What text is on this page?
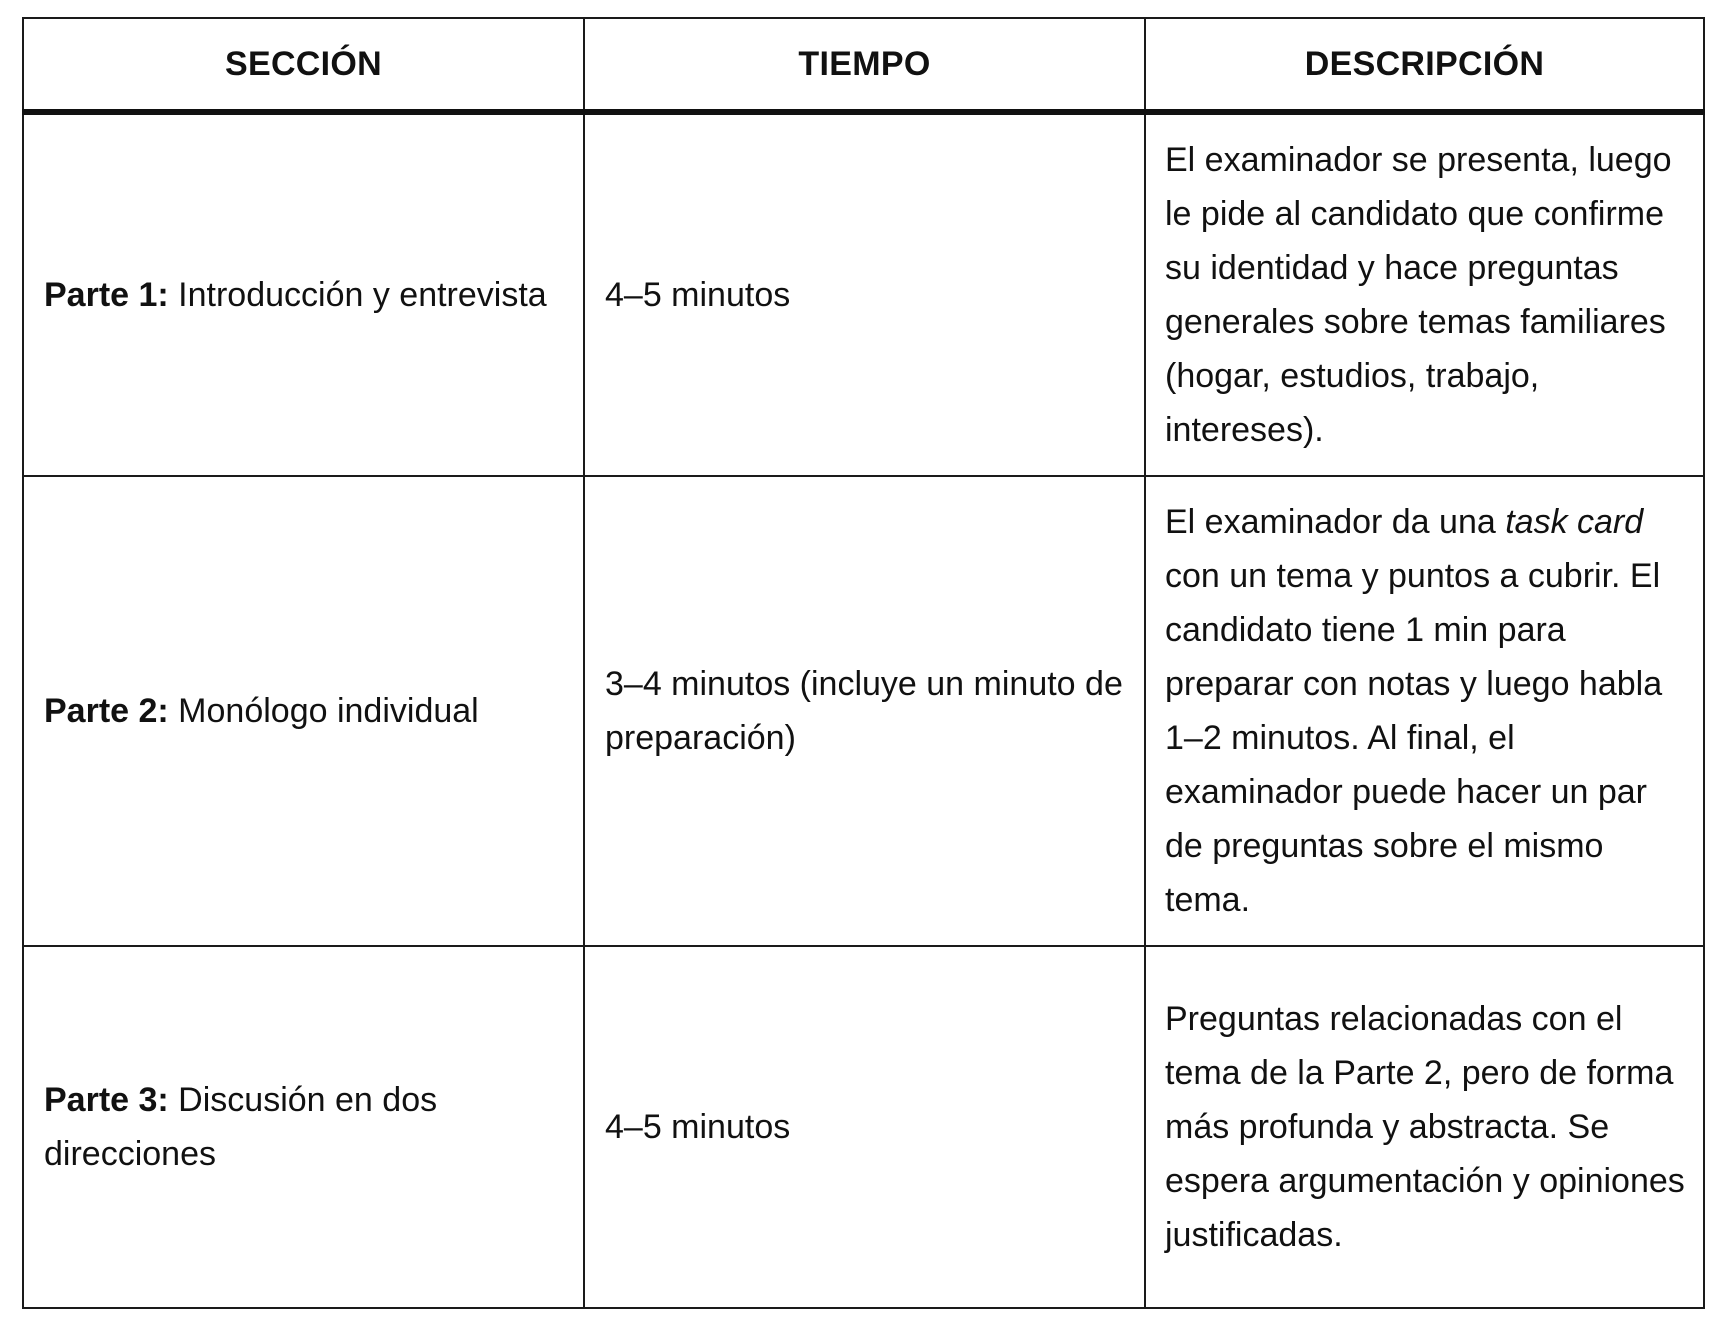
SECCIÓN	TIEMPO	DESCRIPCIÓN
Parte 1: Introducción y entrevista	4–5 minutos	El examinador se presenta, luego le pide al candidato que confirme su identidad y hace preguntas generales sobre temas familiares (hogar, estudios, trabajo, intereses).
Parte 2: Monólogo individual	3–4 minutos (incluye un minuto de preparación)	El examinador da una task card con un tema y puntos a cubrir. El candidato tiene 1 min para preparar con notas y luego habla 1–2 minutos. Al final, el examinador puede hacer un par de preguntas sobre el mismo tema.
Parte 3: Discusión en dos direcciones	4–5 minutos	Preguntas relacionadas con el tema de la Parte 2, pero de forma más profunda y abstracta. Se espera argumentación y opiniones justificadas.
